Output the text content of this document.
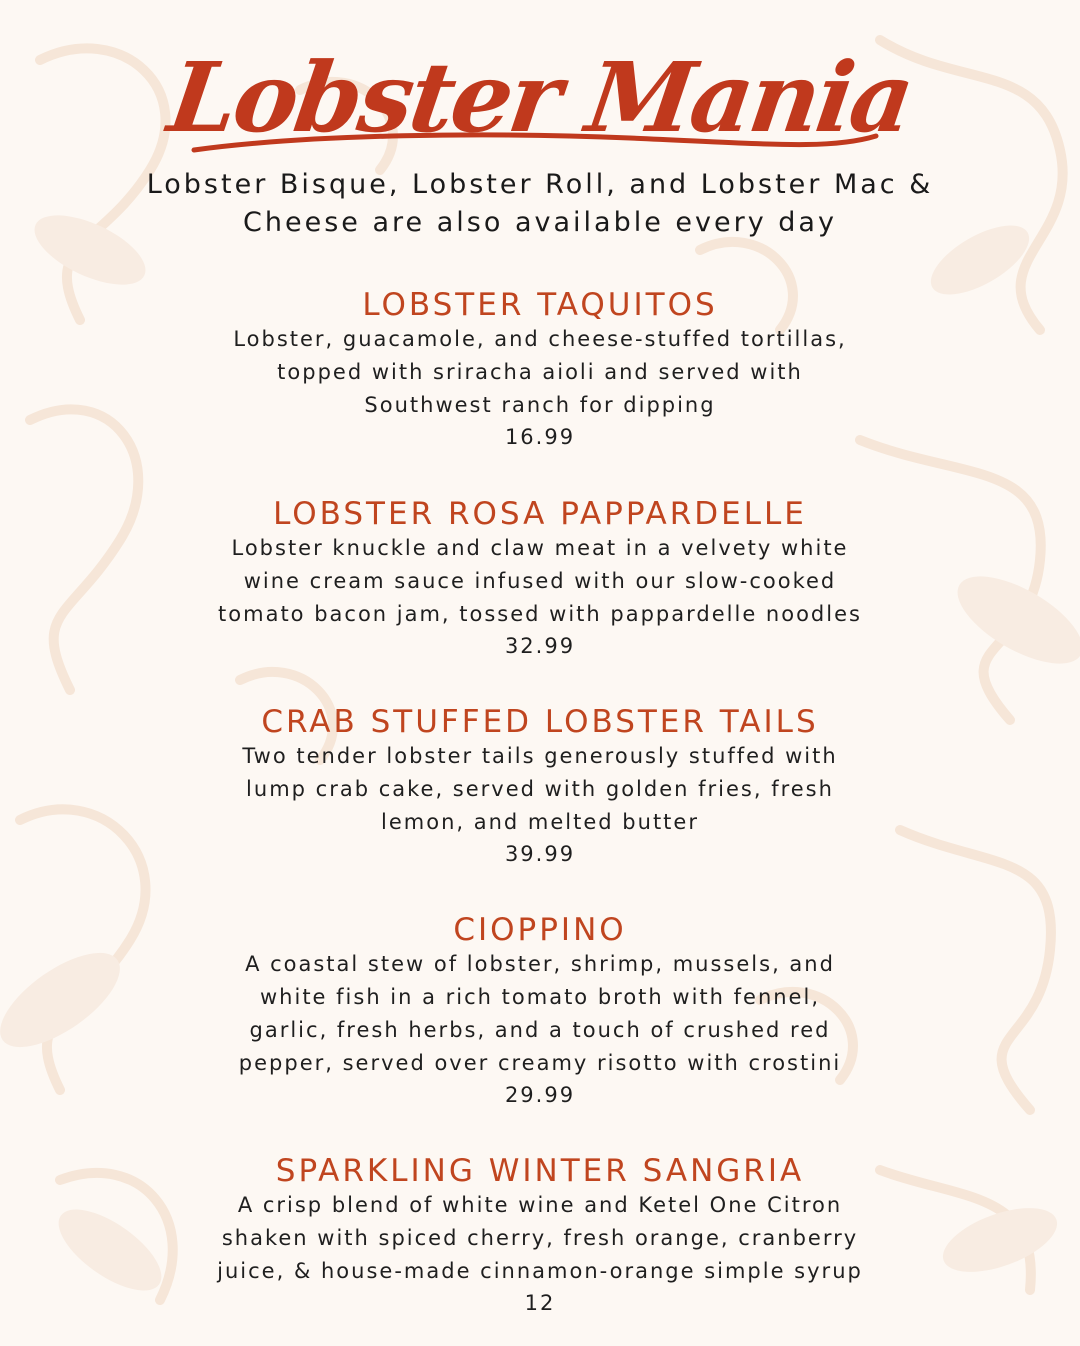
Lobster Mania
Lobster Bisque, Lobster Roll, and Lobster Mac & Cheese are also available every day
LOBSTER TAQUITOS
Lobster, guacamole, and cheese-stuffed tortillas, topped with sriracha aioli and served with Southwest ranch for dipping
16.99
LOBSTER ROSA PAPPARDELLE
Lobster knuckle and claw meat in a velvety white wine cream sauce infused with our slow-cooked tomato bacon jam, tossed with pappardelle noodles
32.99
CRAB STUFFED LOBSTER TAILS
Two tender lobster tails generously stuffed with lump crab cake, served with golden fries, fresh lemon, and melted butter
39.99
CIOPPINO
A coastal stew of lobster, shrimp, mussels, and white fish in a rich tomato broth with fennel, garlic, fresh herbs, and a touch of crushed red pepper, served over creamy risotto with crostini
29.99
SPARKLING WINTER SANGRIA
A crisp blend of white wine and Ketel One Citron shaken with spiced cherry, fresh orange, cranberry juice, & house-made cinnamon-orange simple syrup
12
